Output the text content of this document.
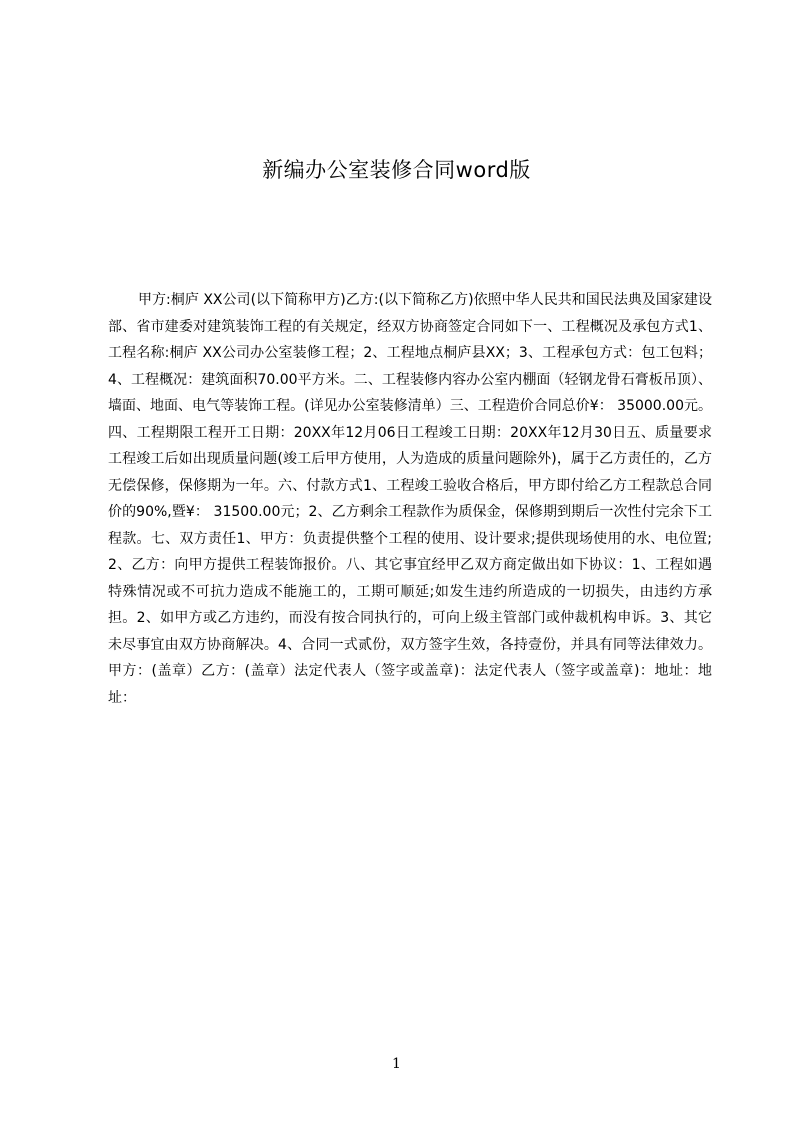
新编办公室装修合同word版
甲方:桐庐 XX公司(以下简称甲方)乙方:(以下简称乙方)依照中华人民共和国民法典及国家建设部、省市建委对建筑装饰工程的有关规定，经双方协商签定合同如下一、工程概况及承包方式1、工程名称:桐庐 XX公司办公室装修工程；2、工程地点桐庐县XX；3、工程承包方式：包工包料；4、工程概况：建筑面积70.00平方米。二、工程装修内容办公室内棚面（轻钢龙骨石膏板吊顶）、墙面、地面、电气等装饰工程。(详见办公室装修清单）三、工程造价合同总价¥： 35000.00元。四、工程期限工程开工日期：20XX年12月06日工程竣工日期：20XX年12月30日五、质量要求工程竣工后如出现质量问题(竣工后甲方使用，人为造成的质量问题除外)，属于乙方责任的，乙方无偿保修，保修期为一年。六、付款方式1、工程竣工验收合格后，甲方即付给乙方工程款总合同价的90%,暨¥： 31500.00元；2、乙方剩余工程款作为质保金，保修期到期后一次性付完余下工程款。七、双方责任1、甲方：负责提供整个工程的使用、设计要求;提供现场使用的水、电位置;2、乙方：向甲方提供工程装饰报价。八、其它事宜经甲乙双方商定做出如下协议：1、工程如遇特殊情况或不可抗力造成不能施工的，工期可顺延;如发生违约所造成的一切损失，由违约方承担。2、如甲方或乙方违约，而没有按合同执行的，可向上级主管部门或仲裁机构申诉。3、其它未尽事宜由双方协商解决。4、合同一式贰份，双方签字生效，各持壹份，并具有同等法律效力。甲方：(盖章）乙方：(盖章）法定代表人（签字或盖章)：法定代表人（签字或盖章)：地址：地址：
1
